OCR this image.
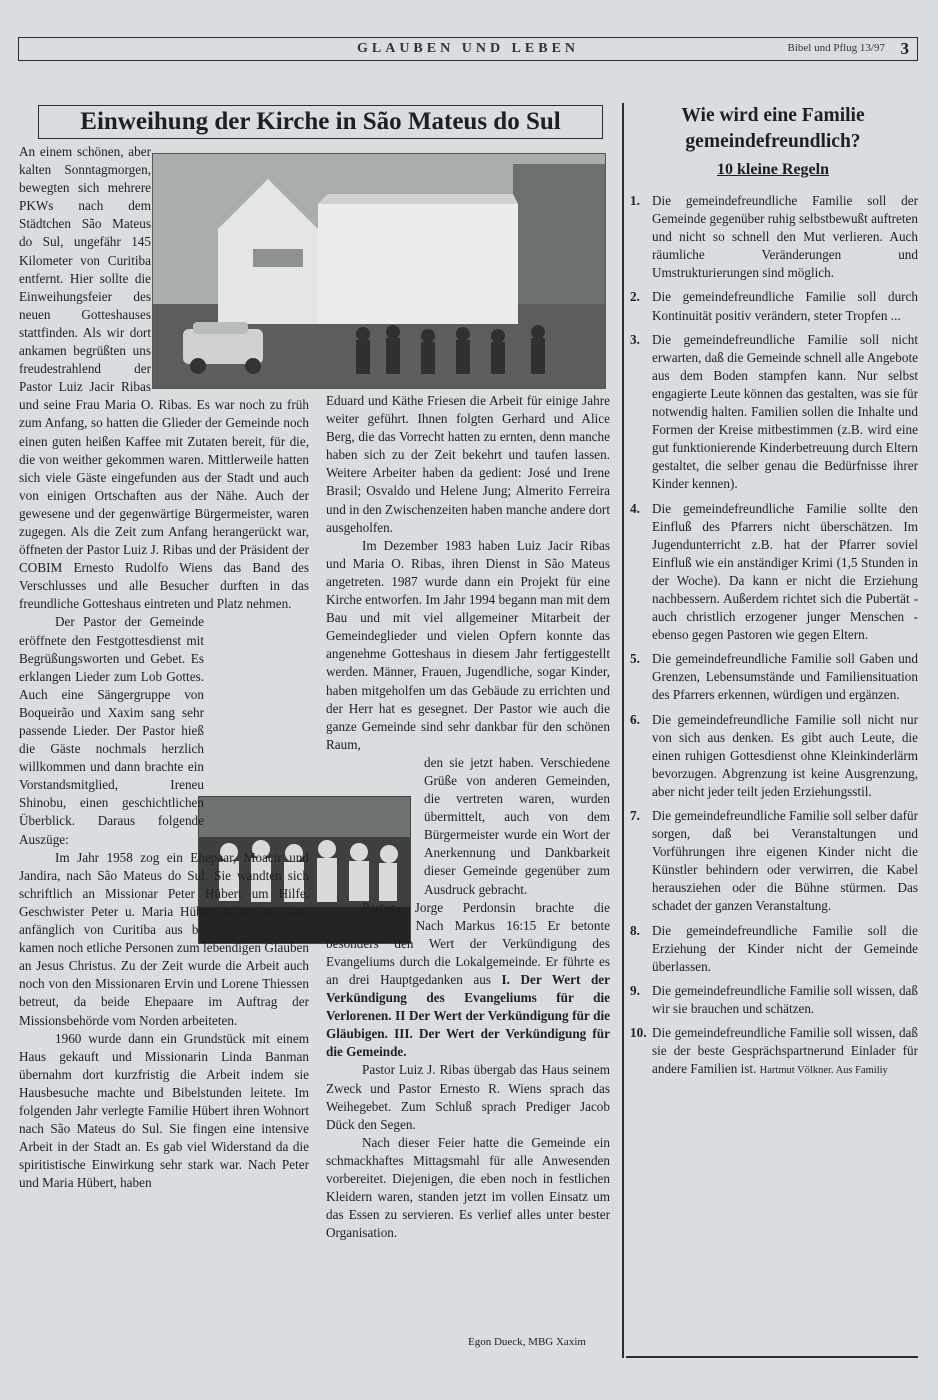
GLAUBEN UND LEBEN	Bibel und Pflug 13/97 3
Einweihung der Kirche in São Mateus do Sul

An einem schönen, aber kalten Sonntagmorgen, bewegten sich mehrere PKWs nach dem Städtchen São Mateus do Sul, ungefähr 145 Kilometer von Curitiba entfernt. Hier sollte die Einweihungsfeier des neuen Gotteshauses stattfinden. Als wir dort ankamen begrüßten uns freudestrahlend der Pastor Luiz Jacir Ribas und seine Frau Maria O. Ribas. Es war noch zu früh zum Anfang, so hatten die Glieder der Gemeinde noch einen guten heißen Kaffee mit Zutaten bereit, für die, die von weither gekommen waren. Mittlerweile hatten sich viele Gäste eingefunden aus der Stadt und auch von einigen Ortschaften aus der Nähe. Auch der gewesene und der gegenwärtige Bürgermeister, waren zugegen. Als die Zeit zum Anfang herangerückt war, öffneten der Pastor Luiz J. Ribas und der Präsident der COBIM Ernesto Rudolfo Wiens das Band des Verschlusses und alle Besucher durften in das freundliche Gotteshaus eintreten und Platz nehmen.

Der Pastor der Gemeinde eröffnete den Festgottesdienst mit Begrüßungsworten und Gebet. Es erklangen Lieder zum Lob Gottes. Auch eine Sängergruppe von Boqueirão und Xaxim sang sehr passende Lieder. Der Pastor hieß die Gäste nochmals herzlich willkommen und dann brachte ein Vorstandsmitglied, Ireneu Shinobu, einen geschichtlichen Überblick. Daraus folgende Auszüge:

Im Jahr 1958 zog ein Ehepaar, Moacir und Jandira, nach São Mateus do Sul. Sie wandten sich schriftlich an Missionar Peter Hübert um Hilfe. Geschwister Peter u. Maria Hübert haben sie dann anfänglich von Curitiba aus betreut und dadurch kamen noch etliche Personen zum lebendigen Glauben an Jesus Christus. Zu der Zeit wurde die Arbeit auch noch von den Missionaren Ervin und Lorene Thiessen betreut, da beide Ehepaare im Auftrag der Missionsbehörde vom Norden arbeiteten.

1960 wurde dann ein Grundstück mit einem Haus gekauft und Missionarin Linda Banman übernahm dort kurzfristig die Arbeit indem sie Hausbesuche machte und Bibelstunden leitete. Im folgenden Jahr verlegte Familie Hübert ihren Wohnort nach São Mateus do Sul. Sie fingen eine intensive Arbeit in der Stadt an. Es gab viel Widerstand da die spiritistische Einwirkung sehr stark war. Nach Peter und Maria Hübert, haben

Eduard und Käthe Friesen die Arbeit für einige Jahre weiter geführt. Ihnen folgten Gerhard und Alice Berg, die das Vorrecht hatten zu ernten, denn manche haben sich zu der Zeit bekehrt und taufen lassen. Weitere Arbeiter haben da gedient: José und Irene Brasil; Osvaldo und Helene Jung; Almerito Ferreira und in den Zwischenzeiten haben manche andere dort ausgeholfen.

Im Dezember 1983 haben Luiz Jacir Ribas und Maria O. Ribas, ihren Dienst in São Mateus angetreten. 1987 wurde dann ein Projekt für eine Kirche entworfen. Im Jahr 1994 begann man mit dem Bau und mit viel allgemeiner Mitarbeit der Gemeindeglieder und vielen Opfern konnte das angenehme Gotteshaus in diesem Jahr fertiggestellt werden. Männer, Frauen, Jugendliche, sogar Kinder, haben mitgeholfen um das Gebäude zu errichten und der Herr hat es gesegnet. Der Pastor wie auch die ganze Gemeinde sind sehr dankbar für den schönen Raum,

den sie jetzt haben. Verschiedene Grüße von anderen Gemeinden, die vertreten waren, wurden übermittelt, auch von dem Bürgermeister wurde ein Wort der Anerkennung und Dankbarkeit dieser Gemeinde gegenüber zum Ausdruck gebracht.

Pastor Jorge Perdonsin brachte die Festansprache: Nach Markus 16:15 Er betonte besonders den Wert der Verkündigung des Evangeliums durch die Lokalgemeinde. Er führte es an drei Hauptgedanken aus I. Der Wert der Verkündigung des Evangeliums für die Verlorenen. II Der Wert der Verkündigung für die Gläubigen. III. Der Wert der Verkündigung für die Gemeinde.

Pastor Luiz J. Ribas übergab das Haus seinem Zweck und Pastor Ernesto R. Wiens sprach das Weihegebet. Zum Schluß sprach Prediger Jacob Dück den Segen.

Nach dieser Feier hatte die Gemeinde ein schmackhaftes Mittagsmahl für alle Anwesenden vorbereitet. Diejenigen, die eben noch in festlichen Kleidern waren, standen jetzt im vollen Einsatz um das Essen zu servieren. Es verlief alles unter bester Organisation.

Egon Dueck, MBG Xaxim
Wie wird eine Familie gemeindefreundlich?
10 kleine Regeln
1. Die gemeindefreundliche Familie soll der Gemeinde gegenüber ruhig selbstbewußt auftreten und nicht so schnell den Mut verlieren. Auch räumliche Veränderungen und Umstrukturierungen sind möglich.
2. Die gemeindefreundliche Familie soll durch Kontinuität positiv verändern, steter Tropfen ...
3. Die gemeindefreundliche Familie soll nicht erwarten, daß die Gemeinde schnell alle Angebote aus dem Boden stampfen kann. Nur selbst engagierte Leute können das gestalten, was sie für notwendig halten. Familien sollen die Inhalte und Formen der Kreise mitbestimmen (z.B. wird eine gut funktionierende Kinderbetreuung durch Eltern gestaltet, die selber genau die Bedürfnisse ihrer Kinder kennen).
4. Die gemeindefreundliche Familie sollte den Einfluß des Pfarrers nicht überschätzen. Im Jugendunterricht z.B. hat der Pfarrer soviel Einfluß wie ein anständiger Krimi (1,5 Stunden in der Woche). Da kann er nicht die Erziehung nachbessern. Außerdem richtet sich die Pubertät - auch christlich erzogener junger Menschen - ebenso gegen Pastoren wie gegen Eltern.
5. Die gemeindefreundliche Familie soll Gaben und Grenzen, Lebensumstände und Familiensituation des Pfarrers erkennen, würdigen und ergänzen.
6. Die gemeindefreundliche Familie soll nicht nur von sich aus denken. Es gibt auch Leute, die einen ruhigen Gottesdienst ohne Kleinkinderlärm bevorzugen. Abgrenzung ist keine Ausgrenzung, aber nicht jeder teilt jeden Erziehungsstil.
7. Die gemeindefreundliche Familie soll selber dafür sorgen, daß bei Veranstaltungen und Vorführungen ihre eigenen Kinder nicht die Künstler behindern oder verwirren, die Kabel herausziehen oder die Bühne stürmen. Das schadet der ganzen Veranstaltung.
8. Die gemeindefreundliche Familie soll die Erziehung der Kinder nicht der Gemeinde überlassen.
9. Die gemeindefreundliche Familie soll wissen, daß wir sie brauchen und schätzen.
10. Die gemeindefreundliche Familie soll wissen, daß sie der beste Gesprächspartnerund Einlader für andere Familien ist. Hartmut Völkner. Aus Familiy
